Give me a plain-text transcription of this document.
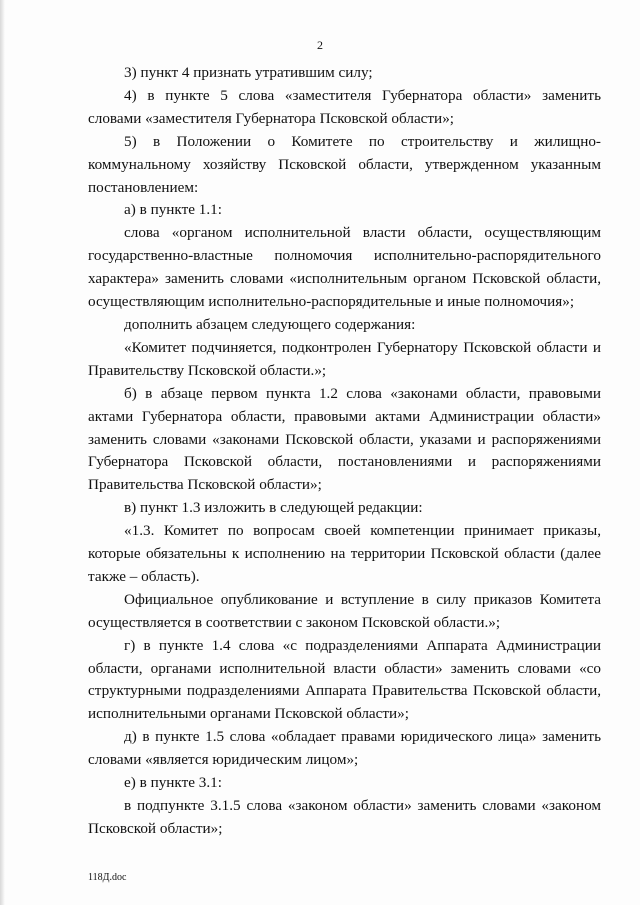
2

3) пункт 4 признать утратившим силу;

4) в пункте 5 слова «заместителя Губернатора области» заменить словами «заместителя Губернатора Псковской области»;

5) в Положении о Комитете по строительству и жилищно-коммунальному хозяйству Псковской области, утвержденном указанным постановлением:

а) в пункте 1.1:

слова «органом исполнительной власти области, осуществляющим государственно-властные полномочия исполнительно-распорядительного характера» заменить словами «исполнительным органом Псковской области, осуществляющим исполнительно-распорядительные и иные полномочия»;

дополнить абзацем следующего содержания:

«Комитет подчиняется, подконтролен Губернатору Псковской области и Правительству Псковской области.»;

б) в абзаце первом пункта 1.2 слова «законами области, правовыми актами Губернатора области, правовыми актами Администрации области» заменить словами «законами Псковской области, указами и распоряжениями Губернатора Псковской области, постановлениями и распоряжениями Правительства Псковской области»;

в) пункт 1.3 изложить в следующей редакции:

«1.3. Комитет по вопросам своей компетенции принимает приказы, которые обязательны к исполнению на территории Псковской области (далее также – область).

Официальное опубликование и вступление в силу приказов Комитета осуществляется в соответствии с законом Псковской области.»;

г) в пункте 1.4 слова «с подразделениями Аппарата Администрации области, органами исполнительной власти области» заменить словами «со структурными подразделениями Аппарата Правительства Псковской области, исполнительными органами Псковской области»;

д) в пункте 1.5 слова «обладает правами юридического лица» заменить словами «является юридическим лицом»;

е) в пункте 3.1:

в подпункте 3.1.5 слова «законом области» заменить словами «законом Псковской области»;

118Д.doc
